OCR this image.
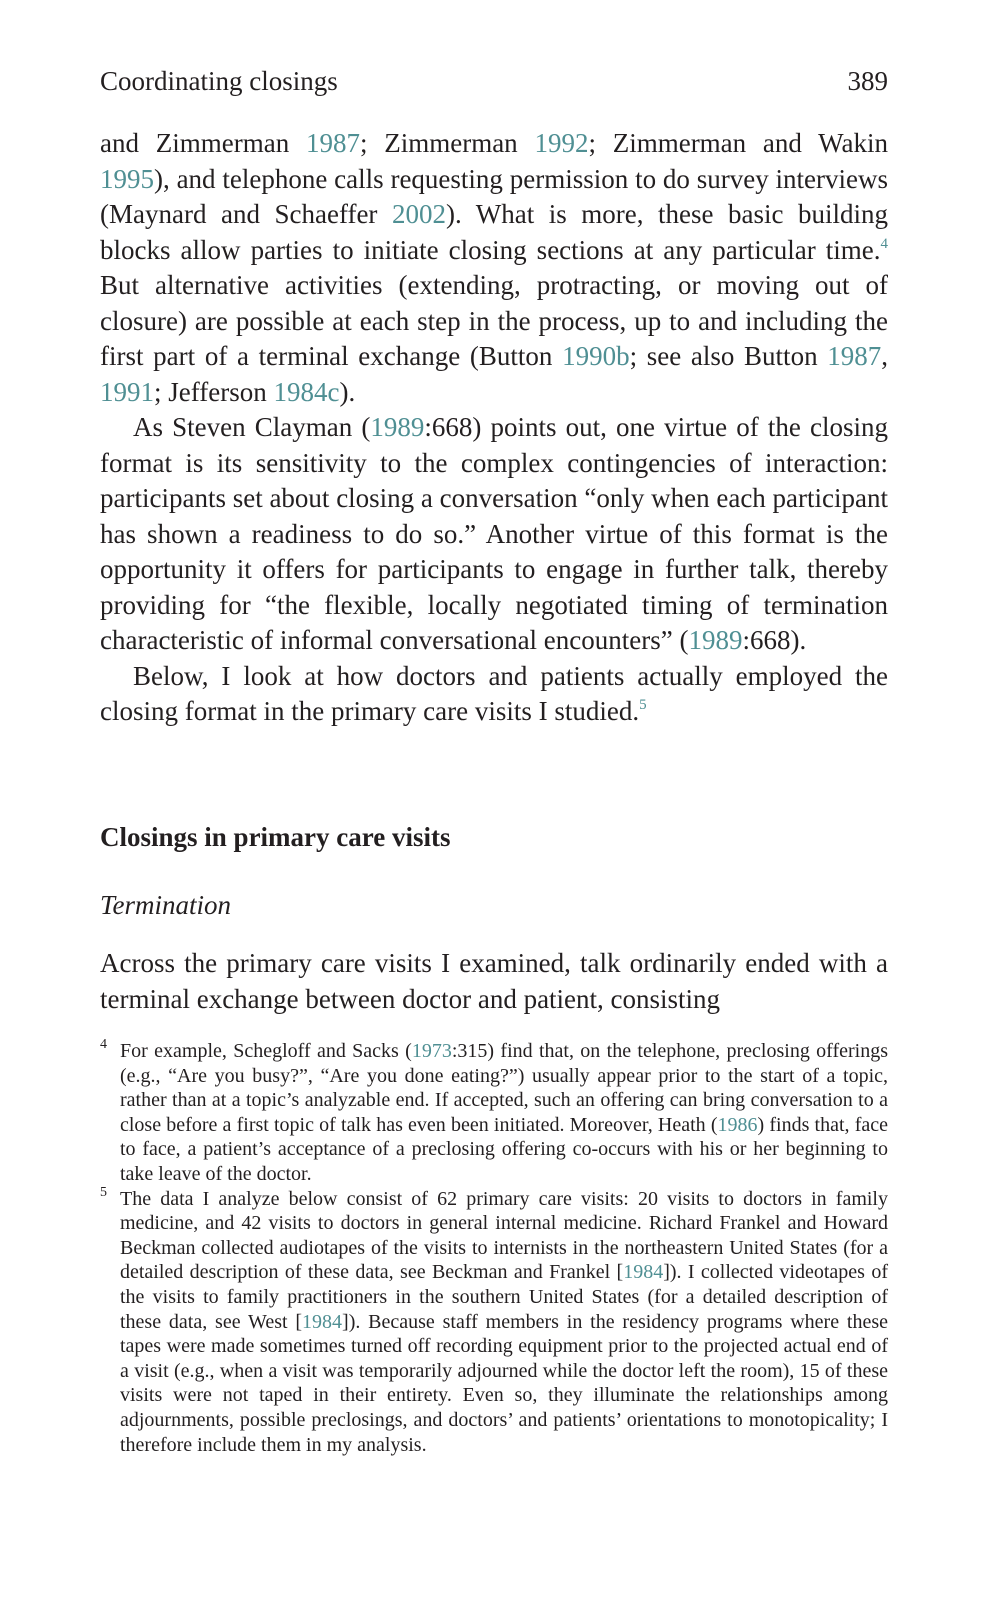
Coordinating closings	389

and Zimmerman 1987; Zimmerman 1992; Zimmerman and Wakin 1995), and telephone calls requesting permission to do survey interviews (Maynard and Schaeffer 2002). What is more, these basic building blocks allow parties to initiate closing sections at any particular time.$^4$ But alternative activities (extending, protracting, or moving out of closure) are possible at each step in the process, up to and including the first part of a terminal exchange (Button 1990b; see also Button 1987, 1991; Jefferson 1984c).

As Steven Clayman (1989:668) points out, one virtue of the closing format is its sensitivity to the complex contingencies of interaction: participants set about closing a conversation “only when each participant has shown a readiness to do so.” Another virtue of this format is the opportunity it offers for participants to engage in further talk, thereby providing for “the flexible, locally negotiated timing of termination characteristic of informal conversational encounters” (1989:668).

Below, I look at how doctors and patients actually employed the closing format in the primary care visits I studied.$^5$

Closings in primary care visits
Termination

Across the primary care visits I examined, talk ordinarily ended with a terminal exchange between doctor and patient, consisting

4 For example, Schegloff and Sacks (1973:315) find that, on the telephone, preclosing offerings (e.g., “Are you busy?”, “Are you done eating?”) usually appear prior to the start of a topic, rather than at a topic’s analyzable end. If accepted, such an offering can bring conversation to a close before a first topic of talk has even been initiated. Moreover, Heath (1986) finds that, face to face, a patient’s acceptance of a preclosing offering co-occurs with his or her beginning to take leave of the doctor.

5 The data I analyze below consist of 62 primary care visits: 20 visits to doctors in family medicine, and 42 visits to doctors in general internal medicine. Richard Frankel and Howard Beckman collected audiotapes of the visits to internists in the northeastern United States (for a detailed description of these data, see Beckman and Frankel [1984]). I collected videotapes of the visits to family practitioners in the southern United States (for a detailed description of these data, see West [1984]). Because staff members in the residency programs where these tapes were made sometimes turned off recording equipment prior to the projected actual end of a visit (e.g., when a visit was temporarily adjourned while the doctor left the room), 15 of these visits were not taped in their entirety. Even so, they illuminate the relationships among adjournments, possible preclosings, and doctors’ and patients’ orientations to monotopicality; I therefore include them in my analysis.
